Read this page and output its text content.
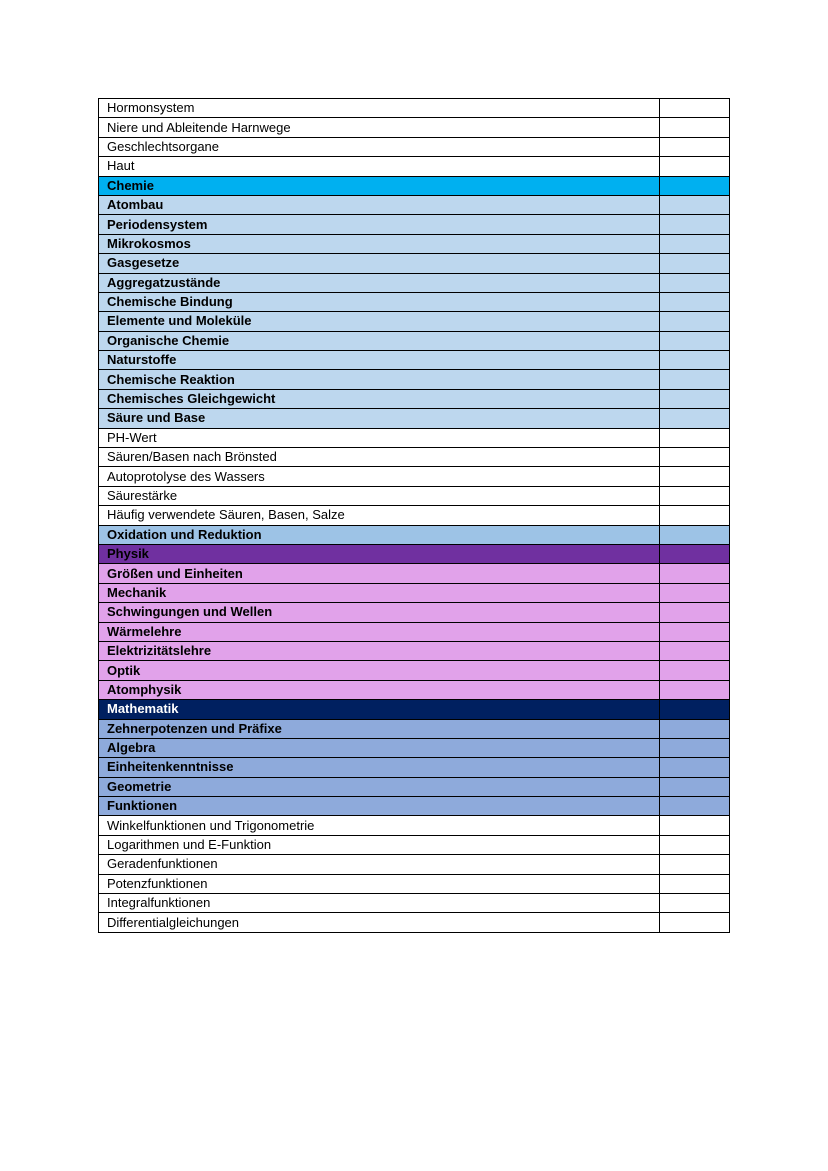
Hormonsystem	
Niere und Ableitende Harnwege	
Geschlechtsorgane	
Haut	
Chemie	
Atombau	
Periodensystem	
Mikrokosmos	
Gasgesetze	
Aggregatzustände	
Chemische Bindung	
Elemente und Moleküle	
Organische Chemie	
Naturstoffe	
Chemische Reaktion	
Chemisches Gleichgewicht	
Säure und Base	
PH-Wert	
Säuren/Basen nach Brönsted	
Autoprotolyse des Wassers	
Säurestärke	
Häufig verwendete Säuren, Basen, Salze	
Oxidation und Reduktion	
Physik	
Größen und Einheiten	
Mechanik	
Schwingungen und Wellen	
Wärmelehre	
Elektrizitätslehre	
Optik	
Atomphysik	
Mathematik	
Zehnerpotenzen und Präfixe	
Algebra	
Einheitenkenntnisse	
Geometrie	
Funktionen	
Winkelfunktionen und Trigonometrie	
Logarithmen und E-Funktion	
Geradenfunktionen	
Potenzfunktionen	
Integralfunktionen	
Differentialgleichungen	
